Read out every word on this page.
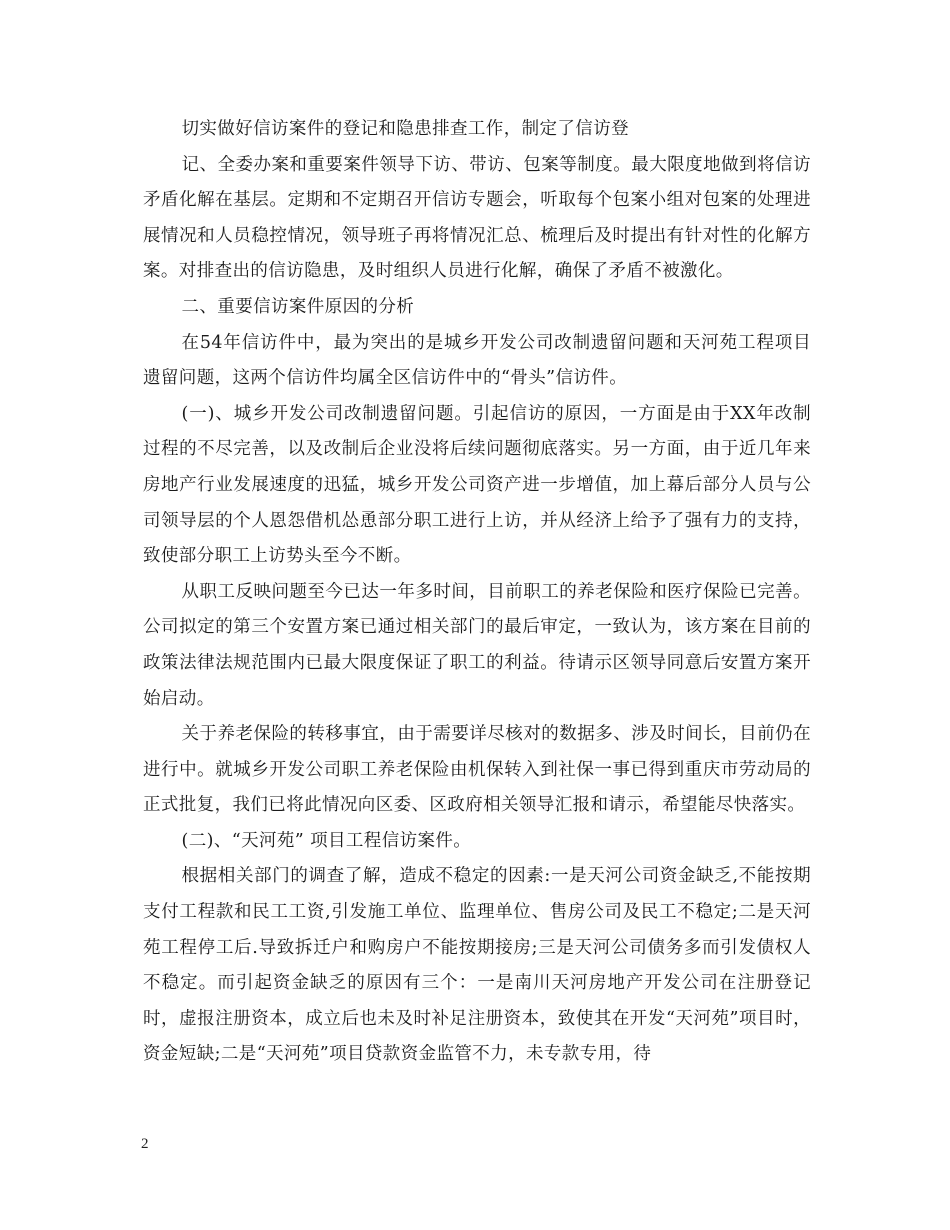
切实做好信访案件的登记和隐患排查工作，制定了信访登

记、全委办案和重要案件领导下访、带访、包案等制度。最大限度地做到将信访矛盾化解在基层。定期和不定期召开信访专题会，听取每个包案小组对包案的处理进展情况和人员稳控情况，领导班子再将情况汇总、梳理后及时提出有针对性的化解方案。对排查出的信访隐患，及时组织人员进行化解，确保了矛盾不被激化。

二、重要信访案件原因的分析

在54年信访件中，最为突出的是城乡开发公司改制遗留问题和天河苑工程项目遗留问题，这两个信访件均属全区信访件中的“骨头”信访件。

(一)、城乡开发公司改制遗留问题。引起信访的原因，一方面是由于XX年改制过程的不尽完善，以及改制后企业没将后续问题彻底落实。另一方面，由于近几年来房地产行业发展速度的迅猛，城乡开发公司资产进一步增值，加上幕后部分人员与公司领导层的个人恩怨借机怂恿部分职工进行上访，并从经济上给予了强有力的支持，致使部分职工上访势头至今不断。

从职工反映问题至今已达一年多时间，目前职工的养老保险和医疗保险已完善。公司拟定的第三个安置方案已通过相关部门的最后审定，一致认为，该方案在目前的政策法律法规范围内已最大限度保证了职工的利益。待请示区领导同意后安置方案开始启动。

关于养老保险的转移事宜，由于需要详尽核对的数据多、涉及时间长，目前仍在进行中。就城乡开发公司职工养老保险由机保转入到社保一事已得到重庆市劳动局的正式批复，我们已将此情况向区委、区政府相关领导汇报和请示，希望能尽快落实。

(二)、“天河苑” 项目工程信访案件。

根据相关部门的调查了解，造成不稳定的因素:一是天河公司资金缺乏,不能按期支付工程款和民工工资,引发施工单位、监理单位、售房公司及民工不稳定;二是天河苑工程停工后.导致拆迁户和购房户不能按期接房;三是天河公司债务多而引发债权人不稳定。而引起资金缺乏的原因有三个：一是南川天河房地产开发公司在注册登记时，虚报注册资本，成立后也未及时补足注册资本，致使其在开发“天河苑”项目时，资金短缺;二是“天河苑”项目贷款资金监管不力，未专款专用，待

2
